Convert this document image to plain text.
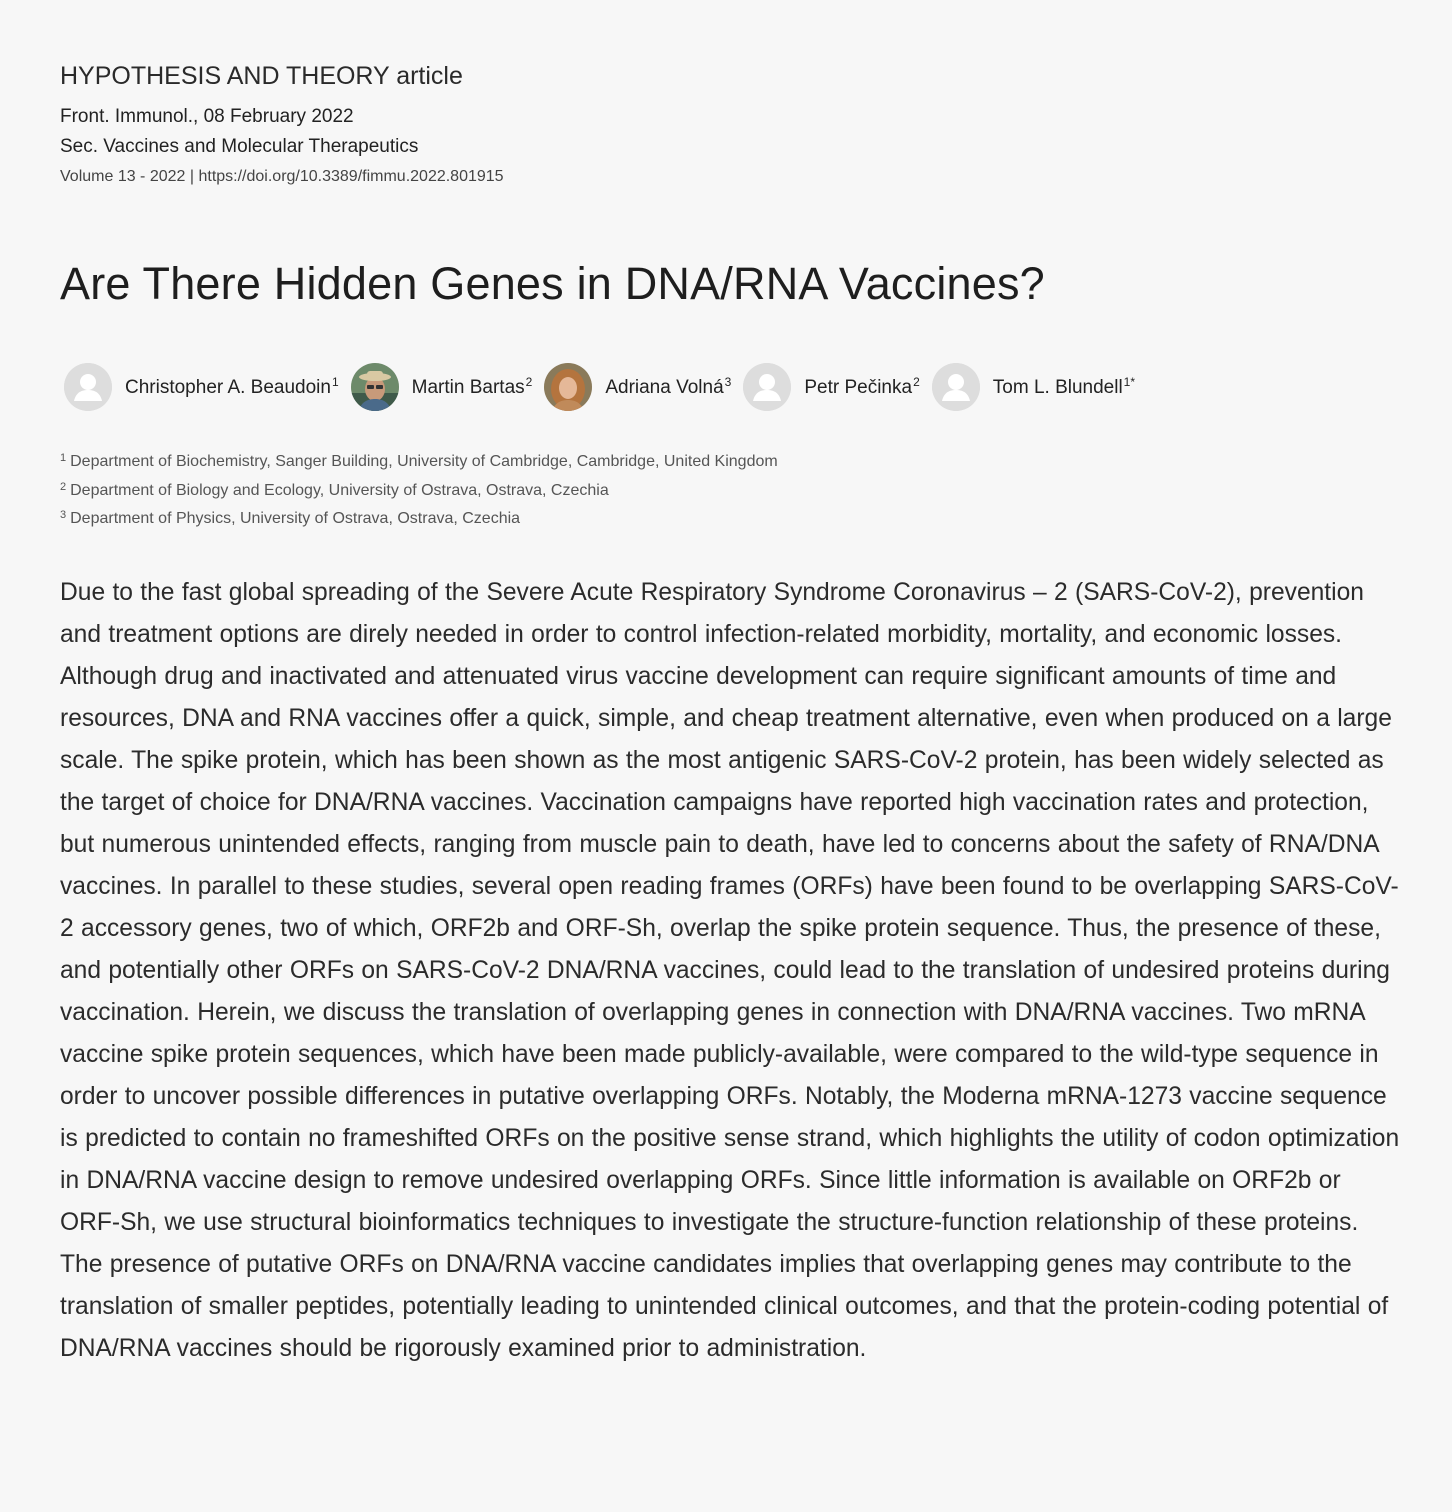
HYPOTHESIS AND THEORY article

Front. Immunol., 08 February 2022

Sec. Vaccines and Molecular Therapeutics

Volume 13 - 2022 | https://doi.org/10.3389/fimmu.2022.801915

Are There Hidden Genes in DNA/RNA Vaccines?
Christopher A. Beaudoin$^1$	Martin Bartas$^2$	Adriana Volná$^3$	Petr Pečinka$^2$	Tom L. Blundell$^{1*}$

$^1$ Department of Biochemistry, Sanger Building, University of Cambridge, Cambridge, United Kingdom

$^2$ Department of Biology and Ecology, University of Ostrava, Ostrava, Czechia

$^3$ Department of Physics, University of Ostrava, Ostrava, Czechia

Due to the fast global spreading of the Severe Acute Respiratory Syndrome Coronavirus – 2 (SARS-CoV-2), prevention and treatment options are direly needed in order to control infection-related morbidity, mortality, and economic losses. Although drug and inactivated and attenuated virus vaccine development can require significant amounts of time and resources, DNA and RNA vaccines offer a quick, simple, and cheap treatment alternative, even when produced on a large scale. The spike protein, which has been shown as the most antigenic SARS-CoV-2 protein, has been widely selected as the target of choice for DNA/RNA vaccines. Vaccination campaigns have reported high vaccination rates and protection, but numerous unintended effects, ranging from muscle pain to death, have led to concerns about the safety of RNA/DNA vaccines. In parallel to these studies, several open reading frames (ORFs) have been found to be overlapping SARS-CoV-2 accessory genes, two of which, ORF2b and ORF-Sh, overlap the spike protein sequence. Thus, the presence of these, and potentially other ORFs on SARS-CoV-2 DNA/RNA vaccines, could lead to the translation of undesired proteins during vaccination. Herein, we discuss the translation of overlapping genes in connection with DNA/RNA vaccines. Two mRNA vaccine spike protein sequences, which have been made publicly-available, were compared to the wild-type sequence in order to uncover possible differences in putative overlapping ORFs. Notably, the Moderna mRNA-1273 vaccine sequence is predicted to contain no frameshifted ORFs on the positive sense strand, which highlights the utility of codon optimization in DNA/RNA vaccine design to remove undesired overlapping ORFs. Since little information is available on ORF2b or ORF-Sh, we use structural bioinformatics techniques to investigate the structure-function relationship of these proteins. The presence of putative ORFs on DNA/RNA vaccine candidates implies that overlapping genes may contribute to the translation of smaller peptides, potentially leading to unintended clinical outcomes, and that the protein-coding potential of DNA/RNA vaccines should be rigorously examined prior to administration.
